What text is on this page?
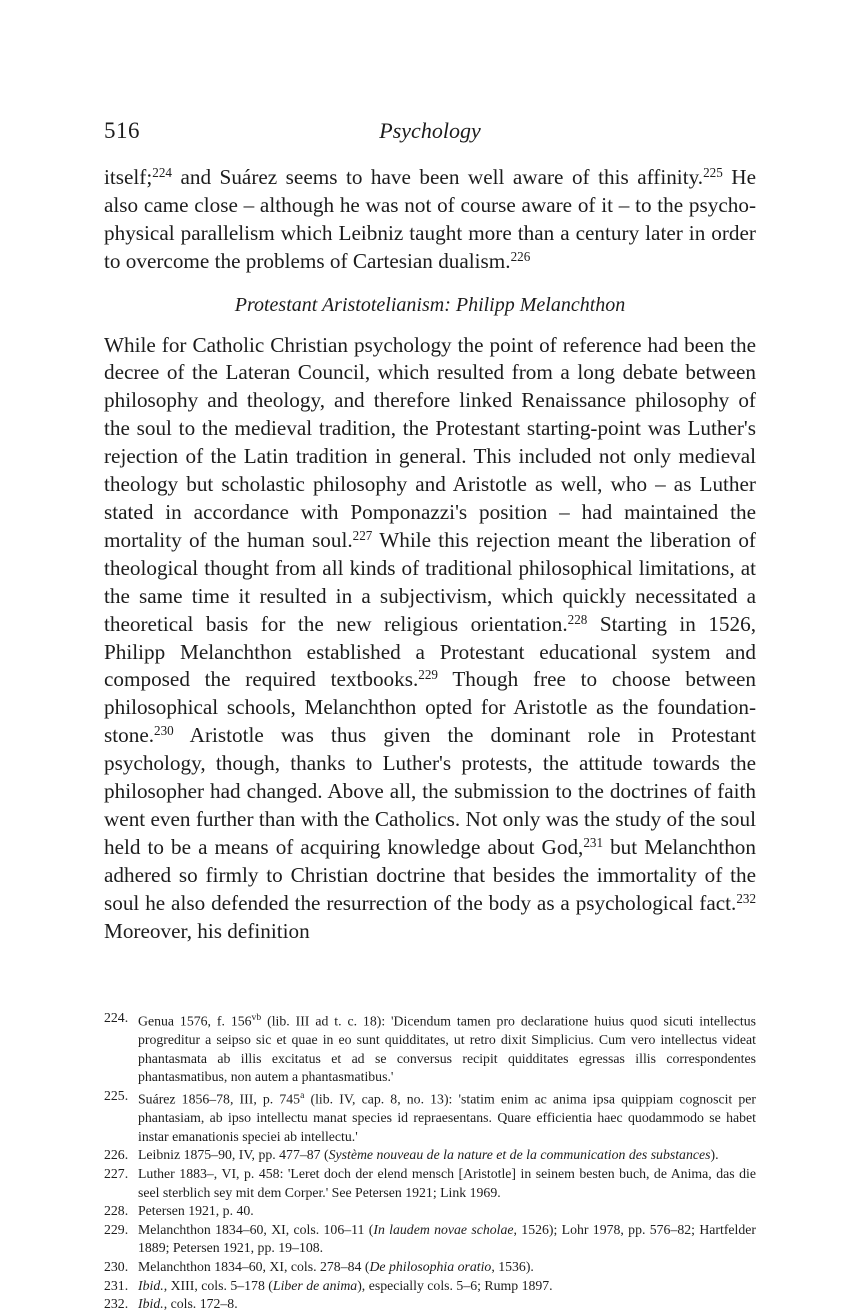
516	Psychology

itself;$^{224}$ and Suárez seems to have been well aware of this affinity.$^{225}$ He also came close – although he was not of course aware of it – to the psycho-physical parallelism which Leibniz taught more than a century later in order to overcome the problems of Cartesian dualism.$^{226}$

Protestant Aristotelianism: Philipp Melanchthon

While for Catholic Christian psychology the point of reference had been the decree of the Lateran Council, which resulted from a long debate between philosophy and theology, and therefore linked Renaissance philosophy of the soul to the medieval tradition, the Protestant starting-point was Luther's rejection of the Latin tradition in general. This included not only medieval theology but scholastic philosophy and Aristotle as well, who – as Luther stated in accordance with Pomponazzi's position – had maintained the mortality of the human soul.$^{227}$ While this rejection meant the liberation of theological thought from all kinds of traditional philosophical limitations, at the same time it resulted in a subjectivism, which quickly necessitated a theoretical basis for the new religious orientation.$^{228}$ Starting in 1526, Philipp Melanchthon established a Protestant educational system and composed the required textbooks.$^{229}$ Though free to choose between philosophical schools, Melanchthon opted for Aristotle as the foundation-stone.$^{230}$ Aristotle was thus given the dominant role in Protestant psychology, though, thanks to Luther's protests, the attitude towards the philosopher had changed. Above all, the submission to the doctrines of faith went even further than with the Catholics. Not only was the study of the soul held to be a means of acquiring knowledge about God,$^{231}$ but Melanchthon adhered so firmly to Christian doctrine that besides the immortality of the soul he also defended the resurrection of the body as a psychological fact.$^{232}$ Moreover, his definition

224. Genua 1576, f. $156^{vb}$ (lib. III ad t. c. 18): 'Dicendum tamen pro declaratione huius quod sicuti intellectus progreditur a seipso sic et quae in eo sunt quidditates, ut retro dixit Simplicius. Cum vero intellectus videat phantasmata ab illis excitatus et ad se conversus recipit quidditates egressas illis correspondentes phantasmatibus, non autem a phantasmatibus.'
225. Suárez 1856–78, III, p. 745$^a$ (lib. IV, cap. 8, no. 13): 'statim enim ac anima ipsa quippiam cognoscit per phantasiam, ab ipso intellectu manat species id repraesentans. Quare efficientia haec quodammodo se habet instar emanationis speciei ab intellectu.'
226. Leibniz 1875–90, IV, pp. 477–87 (Système nouveau de la nature et de la communication des substances).
227. Luther 1883–, VI, p. 458: 'Leret doch der elend mensch [Aristotle] in seinem besten buch, de Anima, das die seel sterblich sey mit dem Corper.' See Petersen 1921; Link 1969.
228. Petersen 1921, p. 40.
229. Melanchthon 1834–60, XI, cols. 106–11 (In laudem novae scholae, 1526); Lohr 1978, pp. 576–82; Hartfelder 1889; Petersen 1921, pp. 19–108.
230. Melanchthon 1834–60, XI, cols. 278–84 (De philosophia oratio, 1536).
231. Ibid., XIII, cols. 5–178 (Liber de anima), especially cols. 5–6; Rump 1897.
232. Ibid., cols. 172–8.
